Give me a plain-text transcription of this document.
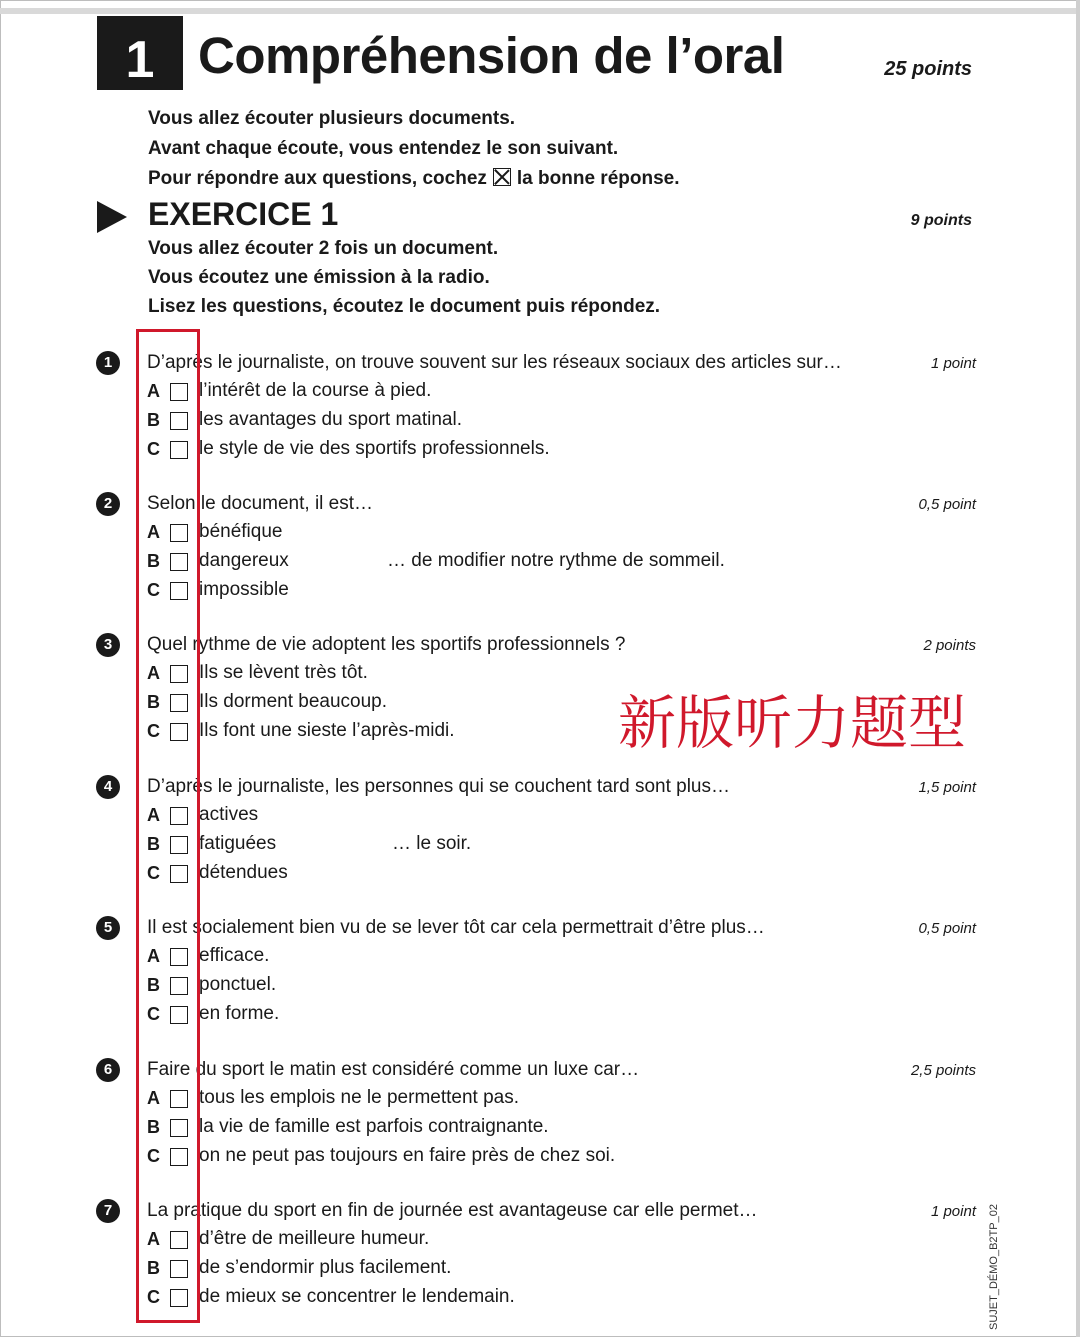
1 Compréhension de l’oral	25 points
Vous allez écouter plusieurs documents.
Avant chaque écoute, vous entendez le son suivant.
Pour répondre aux questions, cochez la bonne réponse.
EXERCICE 1	9 points
Vous allez écouter 2 fois un document.
Vous écoutez une émission à la radio.
Lisez les questions, écoutez le document puis répondez.
1	D’après le journaliste, on trouve souvent sur les réseaux sociaux des articles sur…	1 point
A l’intérêt de la course à pied.
B les avantages du sport matinal.
C le style de vie des sportifs professionnels.
2	Selon le document, il est…	0,5 point
A bénéfique
B dangereux
C impossible
… de modifier notre rythme de sommeil.
3	Quel rythme de vie adoptent les sportifs professionnels ?	2 points
A Ils se lèvent très tôt.
B Ils dorment beaucoup.
C Ils font une sieste l’après-midi.
4	D’après le journaliste, les personnes qui se couchent tard sont plus…	1,5 point
A actives
B fatiguées
C détendues
… le soir.
5	Il est socialement bien vu de se lever tôt car cela permettrait d’être plus…	0,5 point
A efficace.
B ponctuel.
C en forme.
6	Faire du sport le matin est considéré comme un luxe car…	2,5 points
A tous les emplois ne le permettent pas.
B la vie de famille est parfois contraignante.
C on ne peut pas toujours en faire près de chez soi.
7	La pratique du sport en fin de journée est avantageuse car elle permet…	1 point
A d’être de meilleure humeur.
B de s’endormir plus facilement.
C de mieux se concentrer le lendemain.
新版听力题型
SUJET_DÉMO_B2TP_02
